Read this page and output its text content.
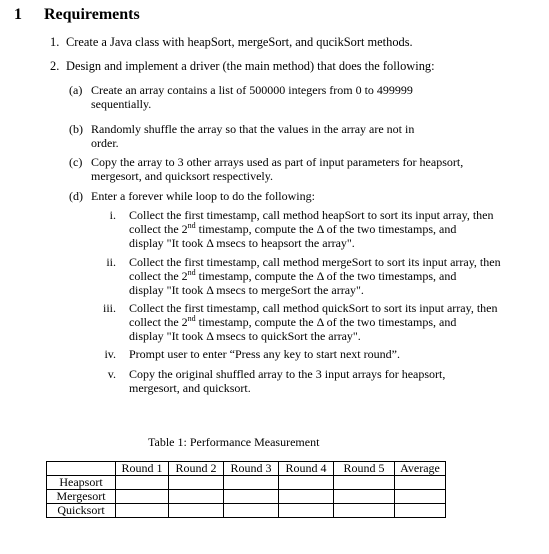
1 Requirements
1. Create a Java class with heapSort, mergeSort, and qucikSort methods.
2. Design and implement a driver (the main method) that does the following:
(a) Create an array contains a list of 500000 integers from 0 to 499999
sequentially.
(b) Randomly shuffle the array so that the values in the array are not in
order.
(c) Copy the array to 3 other arrays used as part of input parameters for heapsort,
mergesort, and quicksort respectively.
(d) Enter a forever while loop to do the following:
i. Collect the first timestamp, call method heapSort to sort its input array, then
collect the 2nd timestamp, compute the Δ of the two timestamps, and
display "It took Δ msecs to heapsort the array".
ii. Collect the first timestamp, call method mergeSort to sort its input array, then
collect the 2nd timestamp, compute the Δ of the two timestamps, and
display "It took Δ msecs to mergeSort the array".
iii. Collect the first timestamp, call method quickSort to sort its input array, then
collect the 2nd timestamp, compute the Δ of the two timestamps, and
display "It took Δ msecs to quickSort the array".
iv. Prompt user to enter “Press any key to start next round”.
v. Copy the original shuffled array to the 3 input arrays for heapsort,
mergesort, and quicksort.
Table 1: Performance Measurement
	Round 1	Round 2	Round 3	Round 4	Round 5	Average
Heapsort						
Mergesort						
Quicksort						
